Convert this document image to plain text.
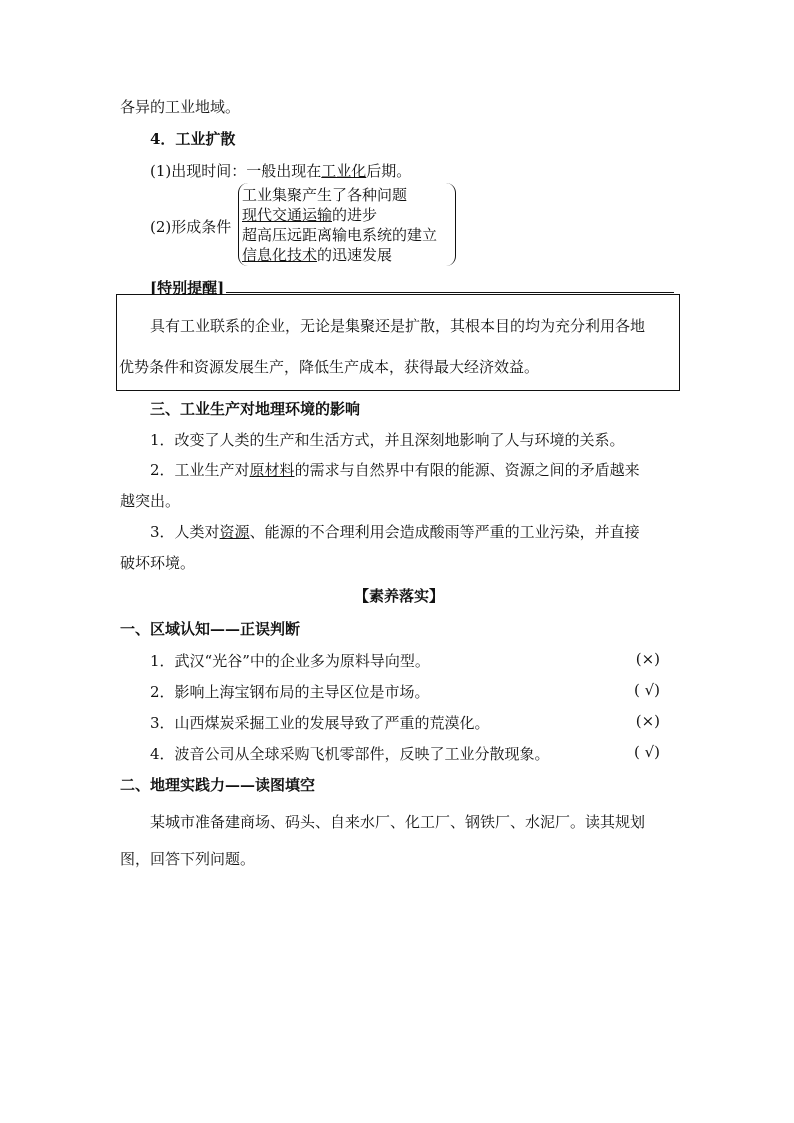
各异的工业地域。
4．工业扩散
(1)出现时间：一般出现在工业化后期。
(2)形成条件
工业集聚产生了各种问题
现代交通运输的进步
超高压远距离输电系统的建立
信息化技术的迅速发展
[特别提醒]
具有工业联系的企业，无论是集聚还是扩散，其根本目的均为充分利用各地
优势条件和资源发展生产，降低生产成本，获得最大经济效益。
三、工业生产对地理环境的影响
1．改变了人类的生产和生活方式，并且深刻地影响了人与环境的关系。
2．工业生产对原材料的需求与自然界中有限的能源、资源之间的矛盾越来
越突出。
3．人类对资源、能源的不合理利用会造成酸雨等严重的工业污染，并直接
破坏环境。
【素养落实】
一、区域认知——正误判断
1．武汉“光谷”中的企业多为原料导向型。	(×)
2．影响上海宝钢布局的主导区位是市场。	( √)
3．山西煤炭采掘工业的发展导致了严重的荒漠化。	(×)
4．波音公司从全球采购飞机零部件，反映了工业分散现象。	( √)
二、地理实践力——读图填空
某城市准备建商场、码头、自来水厂、化工厂、钢铁厂、水泥厂。读其规划
图，回答下列问题。
